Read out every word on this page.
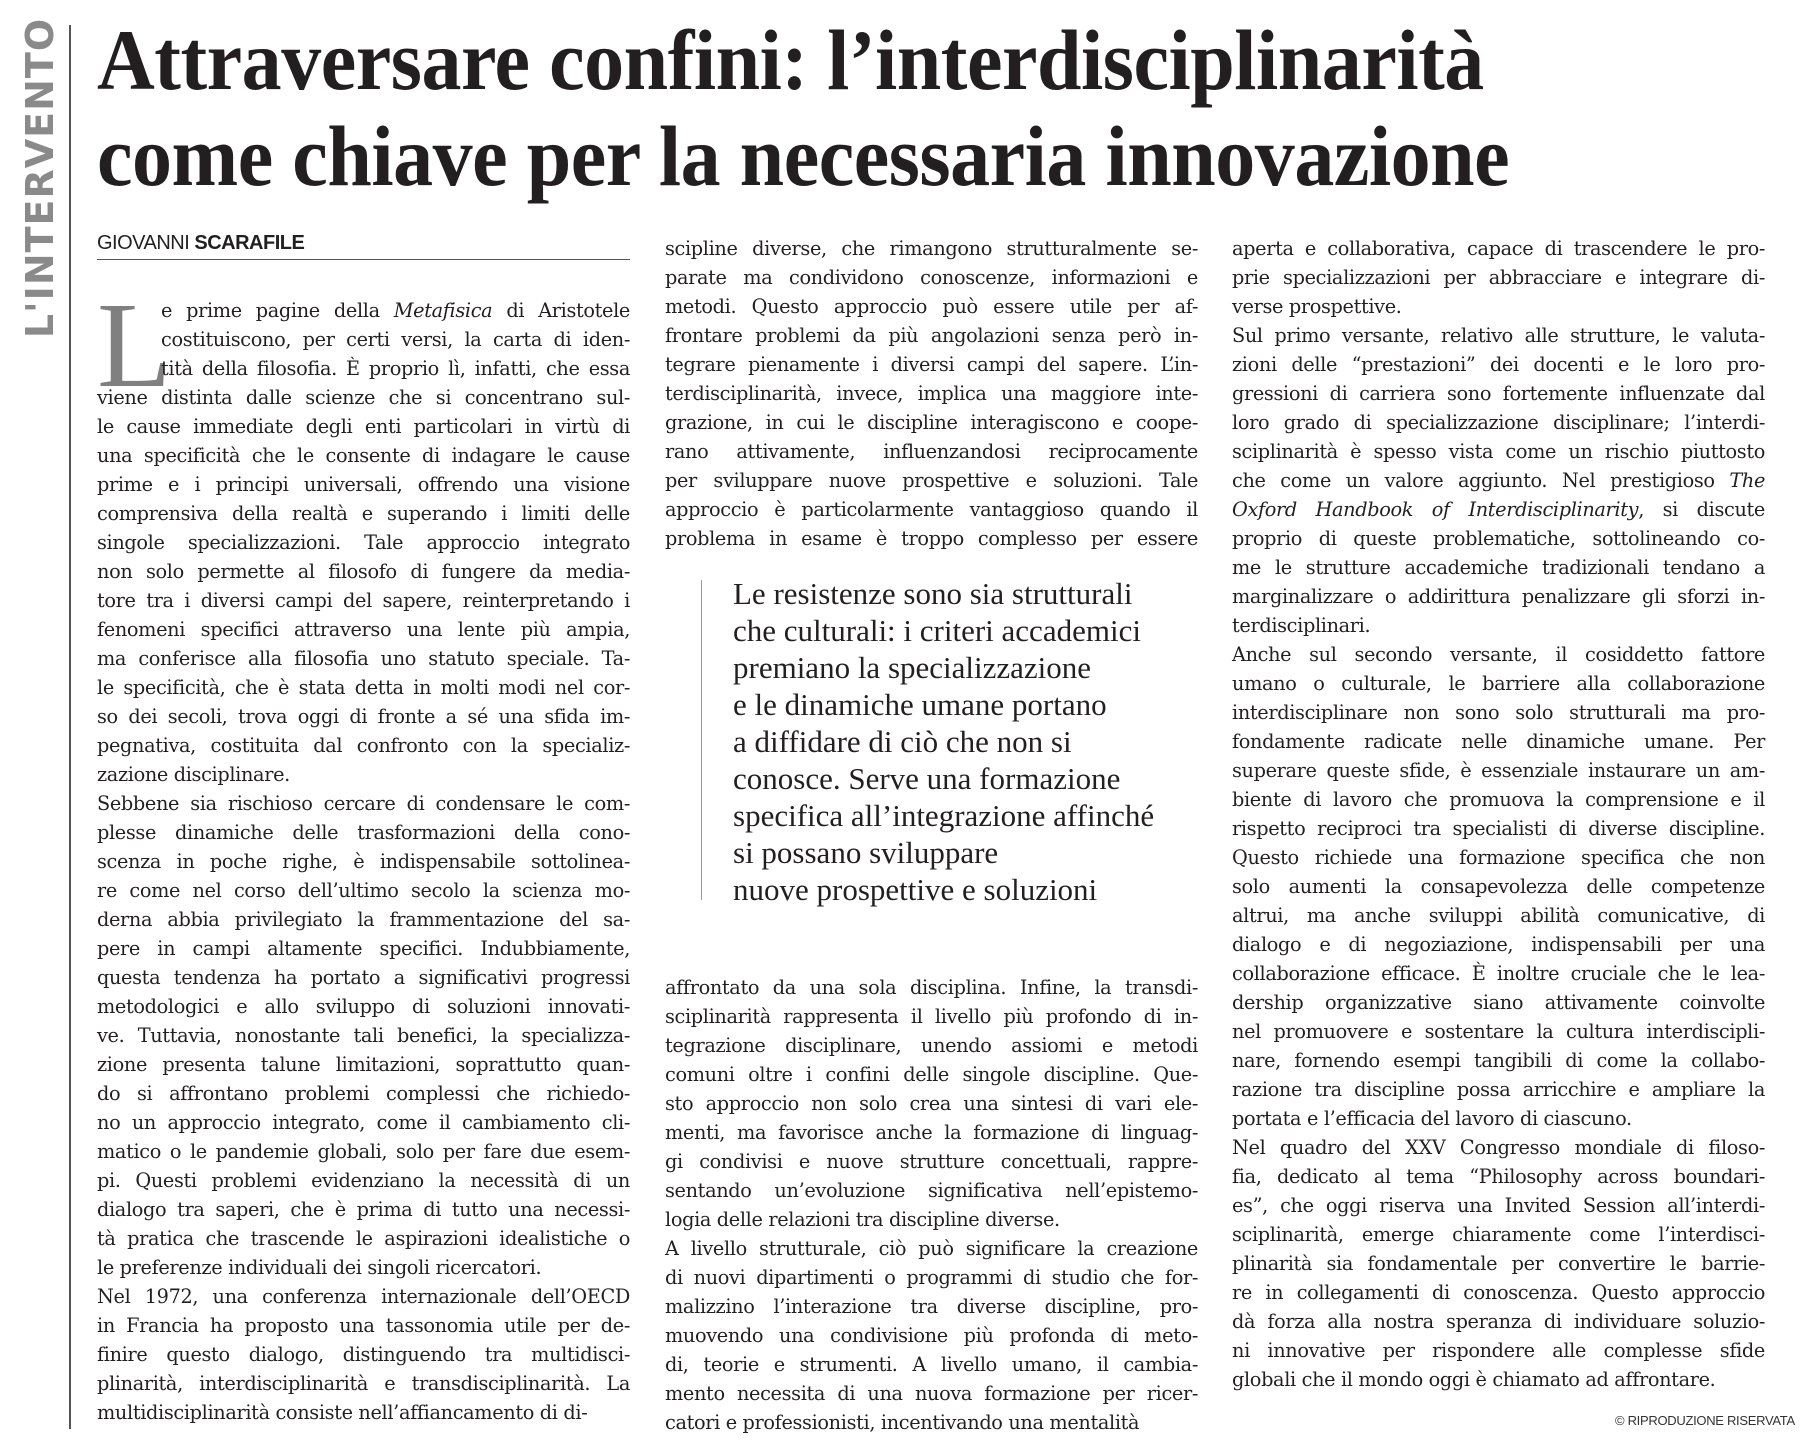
L'INTERVENTO Attraversare confini: l’interdisciplinarità
come chiave per la necessaria innovazione
GIOVANNI SCARAFILE
L

e prime pagine della Metafisica di Aristotele

costituiscono, per certi versi, la carta di iden-

tità della filosofia. È proprio lì, infatti, che essa

viene distinta dalle scienze che si concentrano sul-

le cause immediate degli enti particolari in virtù di

una specificità che le consente di indagare le cause

prime e i principi universali, offrendo una visione

comprensiva della realtà e superando i limiti delle

singole specializzazioni. Tale approccio integrato

non solo permette al filosofo di fungere da media-

tore tra i diversi campi del sapere, reinterpretando i

fenomeni specifici attraverso una lente più ampia,

ma conferisce alla filosofia uno statuto speciale. Ta-

le specificità, che è stata detta in molti modi nel cor-

so dei secoli, trova oggi di fronte a sé una sfida im-

pegnativa, costituita dal confronto con la specializ-

zazione disciplinare.

Sebbene sia rischioso cercare di condensare le com-

plesse dinamiche delle trasformazioni della cono-

scenza in poche righe, è indispensabile sottolinea-

re come nel corso dell’ultimo secolo la scienza mo-

derna abbia privilegiato la frammentazione del sa-

pere in campi altamente specifici. Indubbiamente,

questa tendenza ha portato a significativi progressi

metodologici e allo sviluppo di soluzioni innovati-

ve. Tuttavia, nonostante tali benefici, la specializza-

zione presenta talune limitazioni, soprattutto quan-

do si affrontano problemi complessi che richiedo-

no un approccio integrato, come il cambiamento cli-

matico o le pandemie globali, solo per fare due esem-

pi. Questi problemi evidenziano la necessità di un

dialogo tra saperi, che è prima di tutto una necessi-

tà pratica che trascende le aspirazioni idealistiche o

le preferenze individuali dei singoli ricercatori.

Nel 1972, una conferenza internazionale dell’OECD

in Francia ha proposto una tassonomia utile per de-

finire questo dialogo, distinguendo tra multidisci-

plinarità, interdisciplinarità e transdisciplinarità. La

multidisciplinarità consiste nell’affiancamento di di-

scipline diverse, che rimangono strutturalmente se-

parate ma condividono conoscenze, informazioni e

metodi. Questo approccio può essere utile per af-

frontare problemi da più angolazioni senza però in-

tegrare pienamente i diversi campi del sapere. L’in-

terdisciplinarità, invece, implica una maggiore inte-

grazione, in cui le discipline interagiscono e coope-

rano attivamente, influenzandosi reciprocamente

per sviluppare nuove prospettive e soluzioni. Tale

approccio è particolarmente vantaggioso quando il

problema in esame è troppo complesso per essere

Le resistenze sono sia strutturali
che culturali: i criteri accademici
premiano la specializzazione
e le dinamiche umane portano
a diffidare di ciò che non si
conosce. Serve una formazione
specifica all’integrazione affinché
si possano sviluppare
nuove prospettive e soluzioni

affrontato da una sola disciplina. Infine, la transdi-

sciplinarità rappresenta il livello più profondo di in-

tegrazione disciplinare, unendo assiomi e metodi

comuni oltre i confini delle singole discipline. Que-

sto approccio non solo crea una sintesi di vari ele-

menti, ma favorisce anche la formazione di linguag-

gi condivisi e nuove strutture concettuali, rappre-

sentando un’evoluzione significativa nell’epistemo-

logia delle relazioni tra discipline diverse.

A livello strutturale, ciò può significare la creazione

di nuovi dipartimenti o programmi di studio che for-

malizzino l’interazione tra diverse discipline, pro-

muovendo una condivisione più profonda di meto-

di, teorie e strumenti. A livello umano, il cambia-

mento necessita di una nuova formazione per ricer-

catori e professionisti, incentivando una mentalità

aperta e collaborativa, capace di trascendere le pro-

prie specializzazioni per abbracciare e integrare di-

verse prospettive.

Sul primo versante, relativo alle strutture, le valuta-

zioni delle “prestazioni” dei docenti e le loro pro-

gressioni di carriera sono fortemente influenzate dal

loro grado di specializzazione disciplinare; l’interdi-

sciplinarità è spesso vista come un rischio piuttosto

che come un valore aggiunto. Nel prestigioso The

Oxford Handbook of Interdisciplinarity, si discute

proprio di queste problematiche, sottolineando co-

me le strutture accademiche tradizionali tendano a

marginalizzare o addirittura penalizzare gli sforzi in-

terdisciplinari.

Anche sul secondo versante, il cosiddetto fattore

umano o culturale, le barriere alla collaborazione

interdisciplinare non sono solo strutturali ma pro-

fondamente radicate nelle dinamiche umane. Per

superare queste sfide, è essenziale instaurare un am-

biente di lavoro che promuova la comprensione e il

rispetto reciproci tra specialisti di diverse discipline.

Questo richiede una formazione specifica che non

solo aumenti la consapevolezza delle competenze

altrui, ma anche sviluppi abilità comunicative, di

dialogo e di negoziazione, indispensabili per una

collaborazione efficace. È inoltre cruciale che le lea-

dership organizzative siano attivamente coinvolte

nel promuovere e sostentare la cultura interdiscipli-

nare, fornendo esempi tangibili di come la collabo-

razione tra discipline possa arricchire e ampliare la

portata e l’efficacia del lavoro di ciascuno.

Nel quadro del XXV Congresso mondiale di filoso-

fia, dedicato al tema “Philosophy across boundari-

es”, che oggi riserva una Invited Session all’interdi-

sciplinarità, emerge chiaramente come l’interdisci-

plinarità sia fondamentale per convertire le barrie-

re in collegamenti di conoscenza. Questo approccio

dà forza alla nostra speranza di individuare soluzio-

ni innovative per rispondere alle complesse sfide

globali che il mondo oggi è chiamato ad affrontare.

© RIPRODUZIONE RISERVATA
